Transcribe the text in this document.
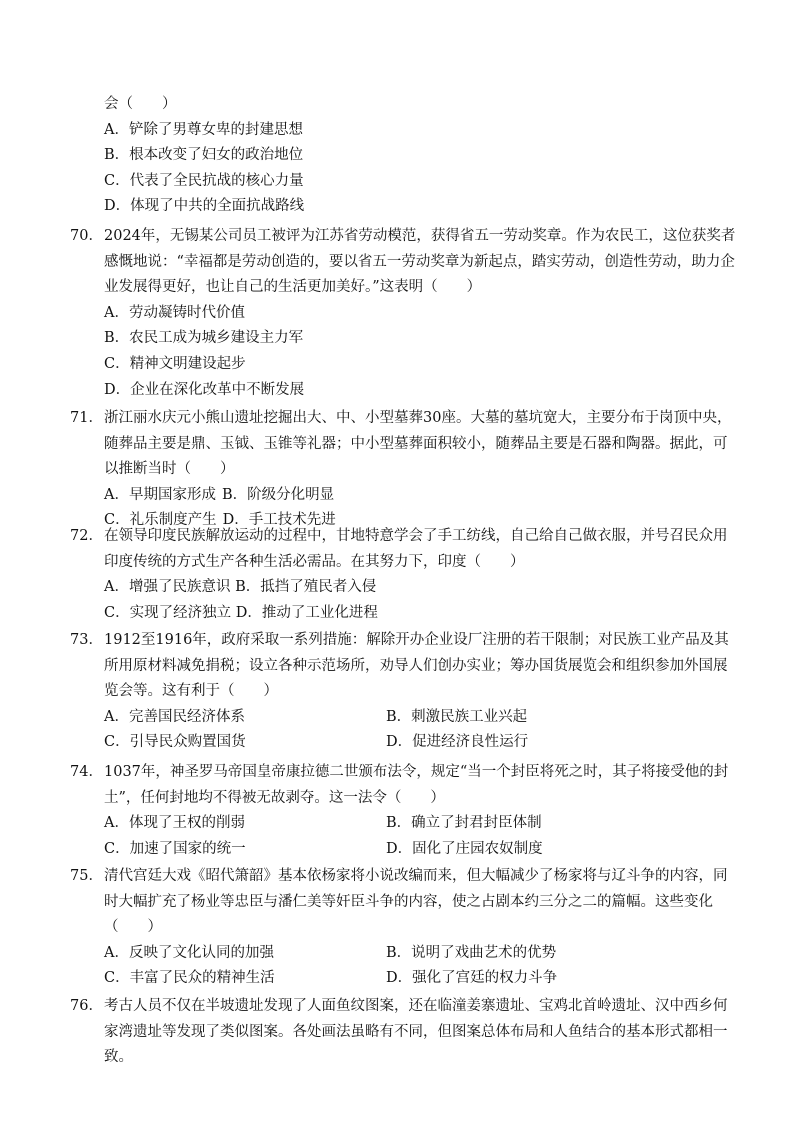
会（　　）

A．铲除了男尊女卑的封建思想

B．根本改变了妇女的政治地位

C．代表了全民抗战的核心力量

D．体现了中共的全面抗战路线

70． 2024年，无锡某公司员工被评为江苏省劳动模范，获得省五一劳动奖章。作为农民工，这位获奖者感慨地说：“幸福都是劳动创造的，要以省五一劳动奖章为新起点，踏实劳动，创造性劳动，助力企业发展得更好，也让自己的生活更加美好。”这表明（　　）

A．劳动凝铸时代价值

B．农民工成为城乡建设主力军

C．精神文明建设起步

D．企业在深化改革中不断发展

71． 浙江丽水庆元小熊山遗址挖掘出大、中、小型墓葬30座。大墓的墓坑宽大，主要分布于岗顶中央，随葬品主要是鼎、玉钺、玉锥等礼器；中小型墓葬面积较小，随葬品主要是石器和陶器。据此，可以推断当时（　　）

A．早期国家形成 B．阶级分化明显
C．礼乐制度产生 D．手工技术先进

72． 在领导印度民族解放运动的过程中，甘地特意学会了手工纺线，自己给自己做衣服，并号召民众用印度传统的方式生产各种生活必需品。在其努力下，印度（　　）

A．增强了民族意识 B．抵挡了殖民者入侵

C．实现了经济独立 D．推动了工业化进程

73． 1912至1916年，政府采取一系列措施：解除开办企业设厂注册的若干限制；对民族工业产品及其所用原材料减免捐税；设立各种示范场所，劝导人们创办实业；筹办国货展览会和组织参加外国展览会等。这有利于（　　）

A．完善国民经济体系	B．刺激民族工业兴起
C．引导民众购置国货	D．促进经济良性运行

74． 1037年，神圣罗马帝国皇帝康拉德二世颁布法令，规定“当一个封臣将死之时，其子将接受他的封土”，任何封地均不得被无故剥夺。这一法令（　　）

A．体现了王权的削弱	B．确立了封君封臣体制
C．加速了国家的统一	D．固化了庄园农奴制度

75． 清代宫廷大戏《昭代箫韶》基本依杨家将小说改编而来，但大幅减少了杨家将与辽斗争的内容，同时大幅扩充了杨业等忠臣与潘仁美等奸臣斗争的内容，使之占剧本约三分之二的篇幅。这些变化

（　　）

A．反映了文化认同的加强	B．说明了戏曲艺术的优势
C．丰富了民众的精神生活	D．强化了宫廷的权力斗争

76． 考古人员不仅在半坡遗址发现了人面鱼纹图案，还在临潼姜寨遗址、宝鸡北首岭遗址、汉中西乡何家湾遗址等发现了类似图案。各处画法虽略有不同，但图案总体布局和人鱼结合的基本形式都相一致。
